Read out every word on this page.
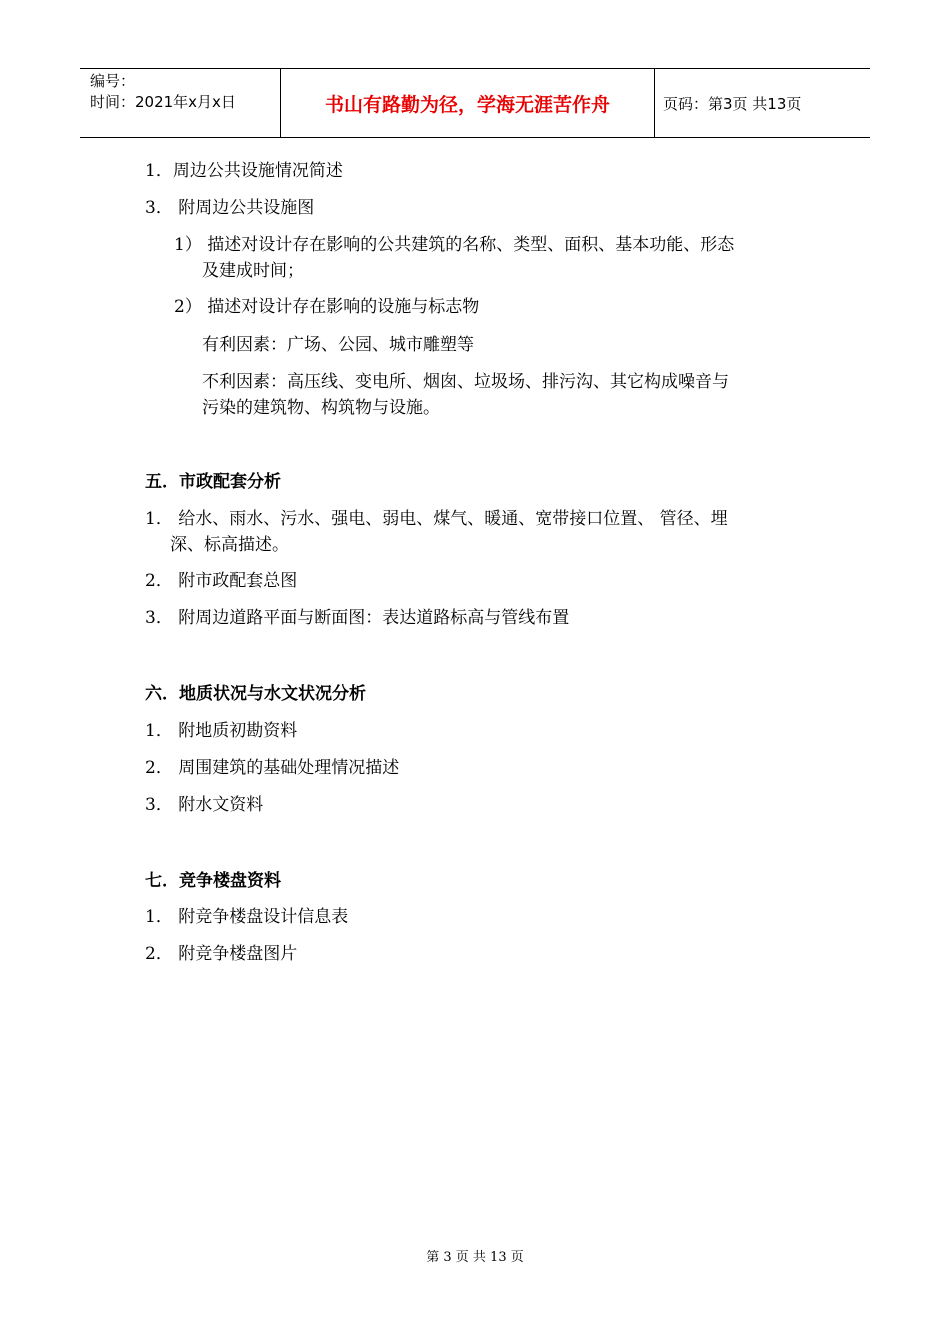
编号：
时间：2021年x月x日	书山有路勤为径，学海无涯苦作舟	页码：第3页 共13页
1．周边公共设施情况简述
3． 附周边公共设施图
1） 描述对设计存在影响的公共建筑的名称、类型、面积、基本功能、形态
及建成时间；
2） 描述对设计存在影响的设施与标志物
有利因素：广场、公园、城市雕塑等
不利因素：高压线、变电所、烟囱、垃圾场、排污沟、其它构成噪音与
污染的建筑物、构筑物与设施。
五．市政配套分析
1． 给水、雨水、污水、强电、弱电、煤气、暖通、宽带接口位置、 管径、埋
深、标高描述。
2． 附市政配套总图
3． 附周边道路平面与断面图：表达道路标高与管线布置
六．地质状况与水文状况分析
1． 附地质初勘资料
2． 周围建筑的基础处理情况描述
3． 附水文资料
七．竞争楼盘资料
1． 附竞争楼盘设计信息表
2． 附竞争楼盘图片
第 3 页 共 13 页
